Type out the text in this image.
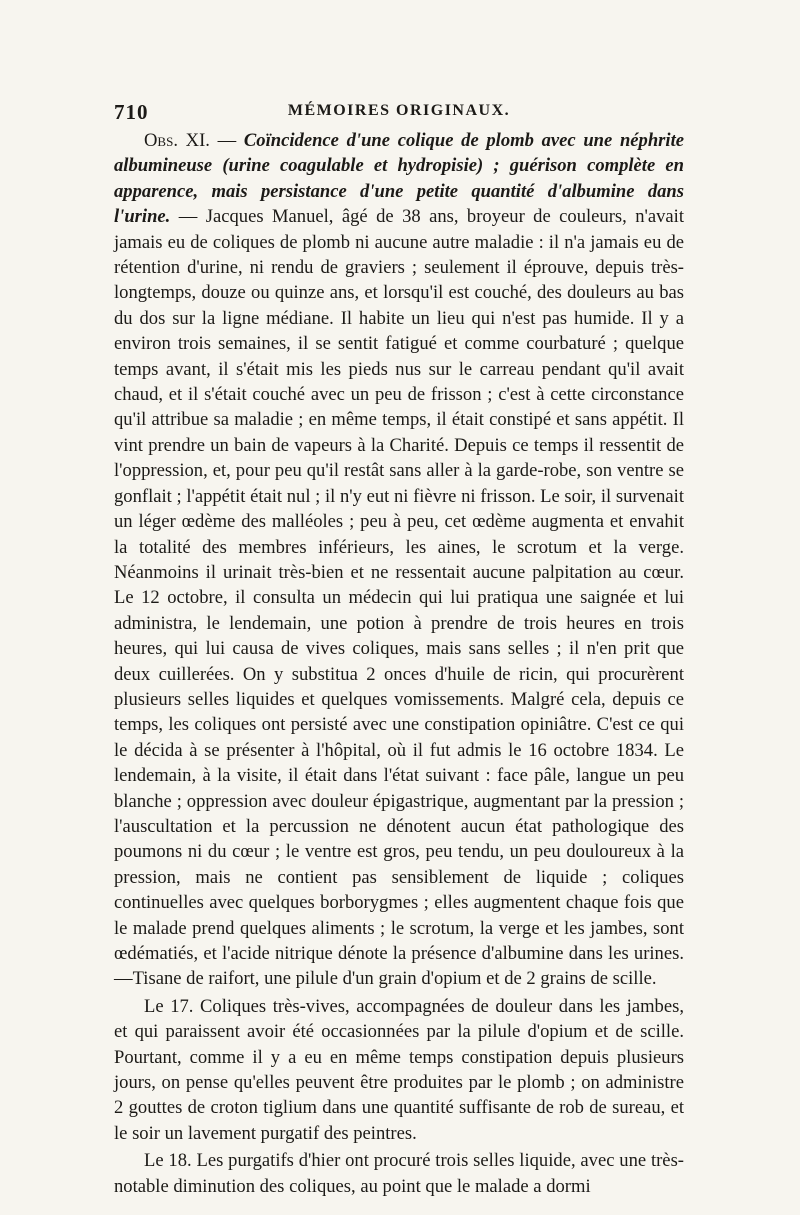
710	MÉMOIRES ORIGINAUX.

Obs. XI. — Coïncidence d'une colique de plomb avec une néphrite albumineuse (urine coagulable et hydropisie) ; guérison complète en apparence, mais persistance d'une petite quantité d'albumine dans l'urine. — Jacques Manuel, âgé de 38 ans, broyeur de couleurs, n'avait jamais eu de coliques de plomb ni aucune autre maladie : il n'a jamais eu de rétention d'urine, ni rendu de graviers ; seulement il éprouve, depuis très-longtemps, douze ou quinze ans, et lorsqu'il est couché, des douleurs au bas du dos sur la ligne médiane. Il habite un lieu qui n'est pas humide. Il y a environ trois semaines, il se sentit fatigué et comme courbaturé ; quelque temps avant, il s'était mis les pieds nus sur le carreau pendant qu'il avait chaud, et il s'était couché avec un peu de frisson ; c'est à cette circonstance qu'il attribue sa maladie ; en même temps, il était constipé et sans appétit. Il vint prendre un bain de vapeurs à la Charité. Depuis ce temps il ressentit de l'oppression, et, pour peu qu'il restât sans aller à la garde-robe, son ventre se gonflait ; l'appétit était nul ; il n'y eut ni fièvre ni frisson. Le soir, il survenait un léger œdème des malléoles ; peu à peu, cet œdème augmenta et envahit la totalité des membres inférieurs, les aines, le scrotum et la verge. Néanmoins il urinait très-bien et ne ressentait aucune palpitation au cœur. Le 12 octobre, il consulta un médecin qui lui pratiqua une saignée et lui administra, le lendemain, une potion à prendre de trois heures en trois heures, qui lui causa de vives coliques, mais sans selles ; il n'en prit que deux cuillerées. On y substitua 2 onces d'huile de ricin, qui procurèrent plusieurs selles liquides et quelques vomissements. Malgré cela, depuis ce temps, les coliques ont persisté avec une constipation opiniâtre. C'est ce qui le décida à se présenter à l'hôpital, où il fut admis le 16 octobre 1834. Le lendemain, à la visite, il était dans l'état suivant : face pâle, langue un peu blanche ; oppression avec douleur épigastrique, augmentant par la pression ; l'auscultation et la percussion ne dénotent aucun état pathologique des poumons ni du cœur ; le ventre est gros, peu tendu, un peu douloureux à la pression, mais ne contient pas sensiblement de liquide ; coliques continuelles avec quelques borborygmes ; elles augmentent chaque fois que le malade prend quelques aliments ; le scrotum, la verge et les jambes, sont œdématiés, et l'acide nitrique dénote la présence d'albumine dans les urines.—Tisane de raifort, une pilule d'un grain d'opium et de 2 grains de scille.

Le 17. Coliques très-vives, accompagnées de douleur dans les jambes, et qui paraissent avoir été occasionnées par la pilule d'opium et de scille. Pourtant, comme il y a eu en même temps constipation depuis plusieurs jours, on pense qu'elles peuvent être produites par le plomb ; on administre 2 gouttes de croton tiglium dans une quantité suffisante de rob de sureau, et le soir un lavement purgatif des peintres.

Le 18. Les purgatifs d'hier ont procuré trois selles liquide, avec une très-notable diminution des coliques, au point que le malade a dormi
